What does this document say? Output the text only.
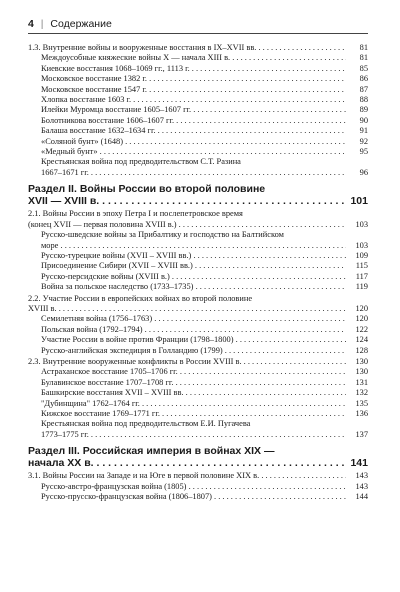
4 | Содержание
1.3. Внутренние войны и вооруженные восстания в IX–XVII вв. . . .	81
Междоусобные княжеские войны Х — начала XIII в. . . .	81
Киевские восстания 1068–1069 гг., 1113 г. . . .	85
Московское восстание 1382 г. . . .	86
Московское восстание 1547 г. . . .	87
Хлопка восстание 1603 г. . . .	88
Илейки Муромца восстание 1605–1607 гг. . . .	89
Болотникова восстание 1606–1607 гг. . . .	90
Балаша восстание 1632–1634 гг. . . .	91
«Соляной бунт» (1648) . . .	92
«Медный бунт» . . .	95
Крестьянская война под предводительством С.Т. Разина
1667–1671 гг. . . .	96
Раздел II. Войны России во второй половине
XVII — XVIII в. . . .	101
2.1. Войны России в эпоху Петра I и послепетровское время
(конец XVII — первая половина XVIII в.) . . .	103
Русско-шведские войны за Прибалтику и господство на Балтийском
море . . .	103
Русско-турецкие войны (XVII – XVIII вв.) . . .	109
Присоединение Сибири (XVII – XVIII вв.) . . .	115
Русско-персидские войны (XVIII в.) . . .	117
Война за польское наследство (1733–1735) . . .	119
2.2. Участие России в европейских войнах во второй половине
XVIII в. . . .	120
Семилетняя война (1756–1763) . . .	120
Польская война (1792–1794) . . .	122
Участие России в войне против Франции (1798–1800) . . .	124
Русско-английская экспедиция в Голландию (1799) . . .	128
2.3. Внутренние вооруженные конфликты в России XVIII в. . . .	130
Астраханское восстание 1705–1706 гг. . . .	130
Булавинское восстание 1707–1708 гг. . . .	131
Башкирские восстания XVII – XVIII вв. . . .	132
"Дубинщина" 1762–1764 гг. . . .	135
Кижское восстание 1769–1771 гг. . . .	136
Крестьянская война под предводительством Е.И. Пугачева
1773–1775 гг. . . .	137
Раздел III. Российская империя в войнах XIX —
начала XX в. . . .	141
3.1. Войны России на Западе и на Юге в первой половине XIX в. . . .	143
Русско-австро-французская война (1805) . . .	143
Русско-прусско-французская война (1806–1807) . . .	144
